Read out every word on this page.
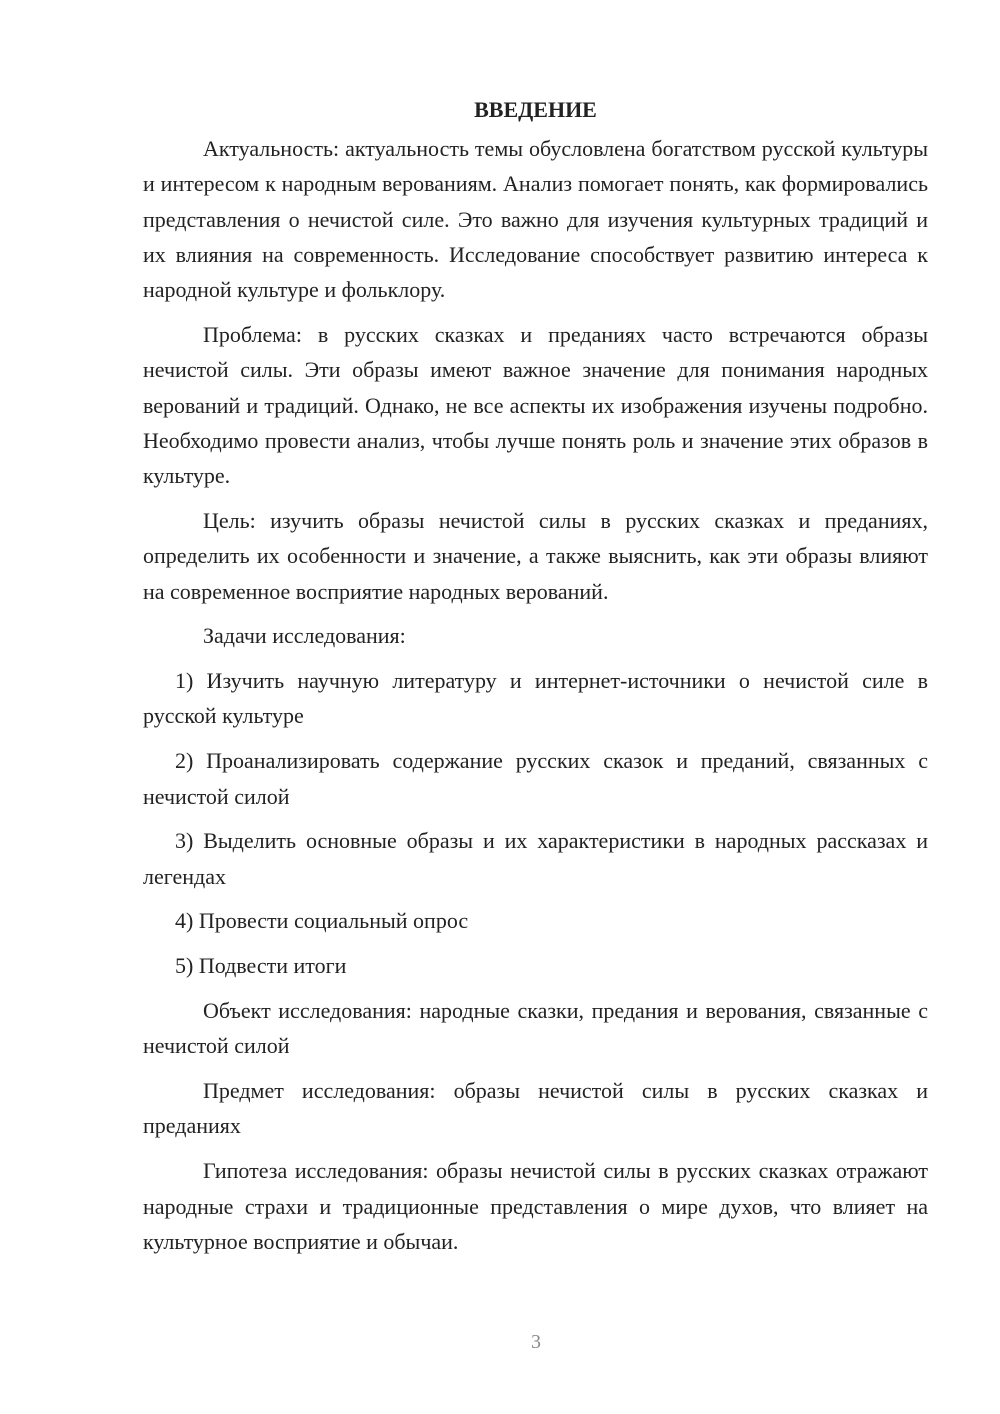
ВВЕДЕНИЕ

Актуальность: актуальность темы обусловлена богатством русской культуры и интересом к народным верованиям. Анализ помогает понять, как формировались представления о нечистой силе. Это важно для изучения культурных традиций и их влияния на современность. Исследование способствует развитию интереса к народной культуре и фольклору.

Проблема: в русских сказках и преданиях часто встречаются образы нечистой силы. Эти образы имеют важное значение для понимания народных верований и традиций. Однако, не все аспекты их изображения изучены подробно. Необходимо провести анализ, чтобы лучше понять роль и значение этих образов в культуре.

Цель: изучить образы нечистой силы в русских сказках и преданиях, определить их особенности и значение, а также выяснить, как эти образы влияют на современное восприятие народных верований.

Задачи исследования:

1) Изучить научную литературу и интернет-источники о нечистой силе в русской культуре

2) Проанализировать содержание русских сказок и преданий, связанных с нечистой силой

3) Выделить основные образы и их характеристики в народных рассказах и легендах

4) Провести социальный опрос

5) Подвести итоги

Объект исследования: народные сказки, предания и верования, связанные с нечистой силой

Предмет исследования: образы нечистой силы в русских сказках и преданиях

Гипотеза исследования: образы нечистой силы в русских сказках отражают народные страхи и традиционные представления о мире духов, что влияет на культурное восприятие и обычаи.

3
